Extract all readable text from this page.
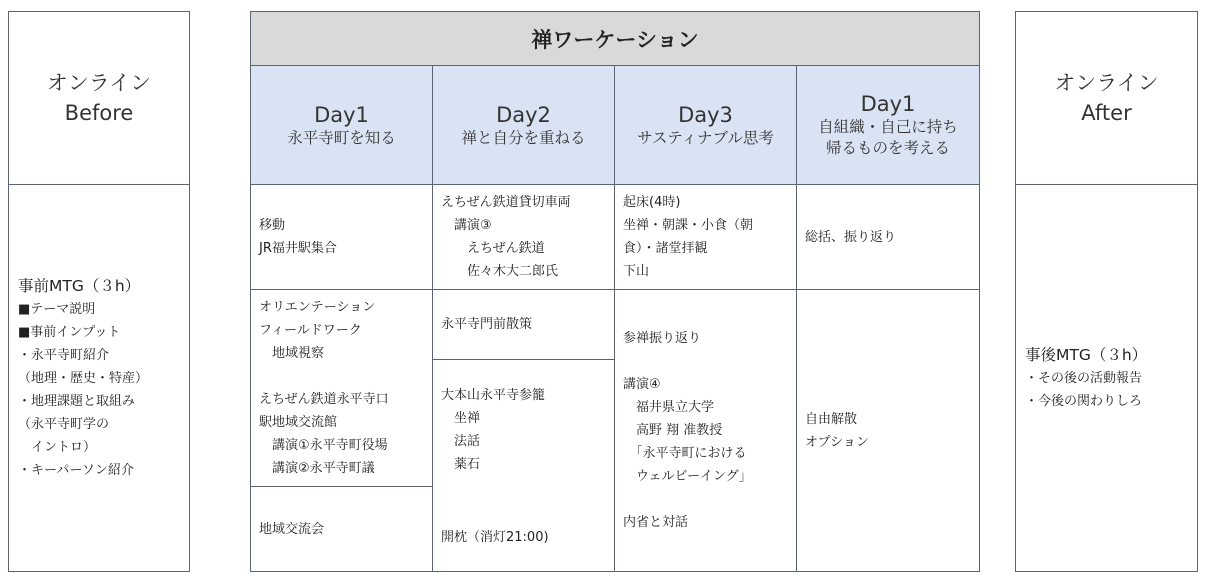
オンライン
Before
事前MTG（３h）
■テーマ説明
■事前インプット
・永平寺町紹介
（地理・歴史・特産）
・地理課題と取組み
（永平寺町学の
　イントロ）
・キーパーソン紹介
禅ワーケーション
Day1
永平寺町を知る
Day2
禅と自分を重ねる
Day3
サスティナブル思考
Day1
自組織・自己に持ち
帰るものを考える
移動
JR福井駅集合
オリエンテーション
フィールドワーク
　地域視察

えちぜん鉄道永平寺口
駅地域交流館
　講演①永平寺町役場
　講演②永平寺町議
地域交流会
えちぜん鉄道貸切車両
　講演③
　　えちぜん鉄道
　　佐々木大二郎氏
永平寺門前散策
大本山永平寺参籠
　坐禅
　法話
　薬石
開枕（消灯21:00)
起床(4時)
坐禅・朝課・小食（朝
食）・諸堂拝観
下山
参禅振り返り

講演④
　福井県立大学
　高野 翔 准教授
　「永平寺町における
　ウェルビーイング」

内省と対話
総括、振り返り
自由解散
オプション
オンライン
After
事後MTG（３h）
・その後の活動報告
・今後の関わりしろ
